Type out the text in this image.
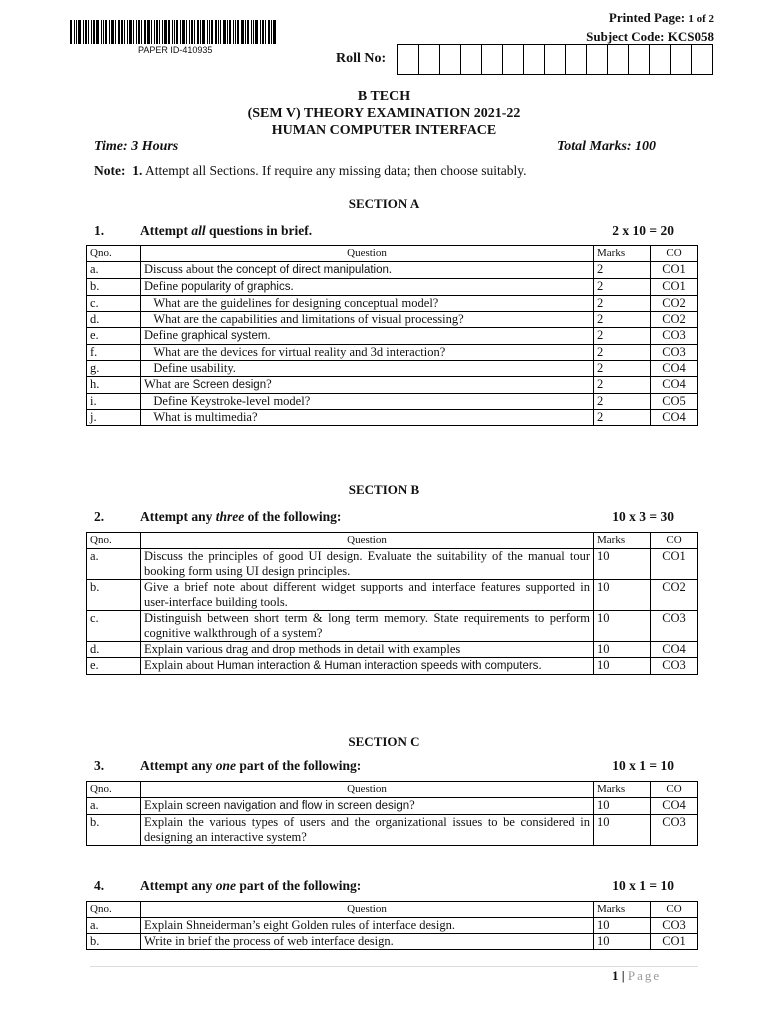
PAPER ID-410935
Printed Page: 1 of 2
Subject Code: KCS058
Roll No:
B TECH
(SEM V) THEORY EXAMINATION 2021-22
HUMAN COMPUTER INTERFACE
Time: 3 Hours	Total Marks: 100
Note: 1. Attempt all Sections. If require any missing data; then choose suitably.
SECTION A
1.	Attempt all questions in brief.	2 x 10 = 20
Qno.	Question	Marks	CO
a.	Discuss about the concept of direct manipulation.	2	CO1
b.	Define popularity of graphics.	2	CO1
c.	What are the guidelines for designing conceptual model?	2	CO2
d.	What are the capabilities and limitations of visual processing?	2	CO2
e.	Define graphical system.	2	CO3
f.	What are the devices for virtual reality and 3d interaction?	2	CO3
g.	Define usability.	2	CO4
h.	What are Screen design?	2	CO4
i.	Define Keystroke-level model?	2	CO5
j.	What is multimedia?	2	CO4
SECTION B
2.	Attempt any three of the following:	10 x 3 = 30
Qno.	Question	Marks	CO
a.	Discuss the principles of good UI design. Evaluate the suitability of the manual tour booking form using UI design principles.	10	CO1
b.	Give a brief note about different widget supports and interface features supported in user-interface building tools.	10	CO2
c.	Distinguish between short term & long term memory. State requirements to perform cognitive walkthrough of a system?	10	CO3
d.	Explain various drag and drop methods in detail with examples	10	CO4
e.	Explain about Human interaction & Human interaction speeds with computers.	10	CO3
SECTION C
3.	Attempt any one part of the following:	10 x 1 = 10
Qno.	Question	Marks	CO
a.	Explain screen navigation and flow in screen design?	10	CO4
b.	Explain the various types of users and the organizational issues to be considered in designing an interactive system?	10	CO3
4.	Attempt any one part of the following:	10 x 1 = 10
Qno.	Question	Marks	CO
a.	Explain Shneiderman’s eight Golden rules of interface design.	10	CO3
b.	Write in brief the process of web interface design.	10	CO1
1 | Page
